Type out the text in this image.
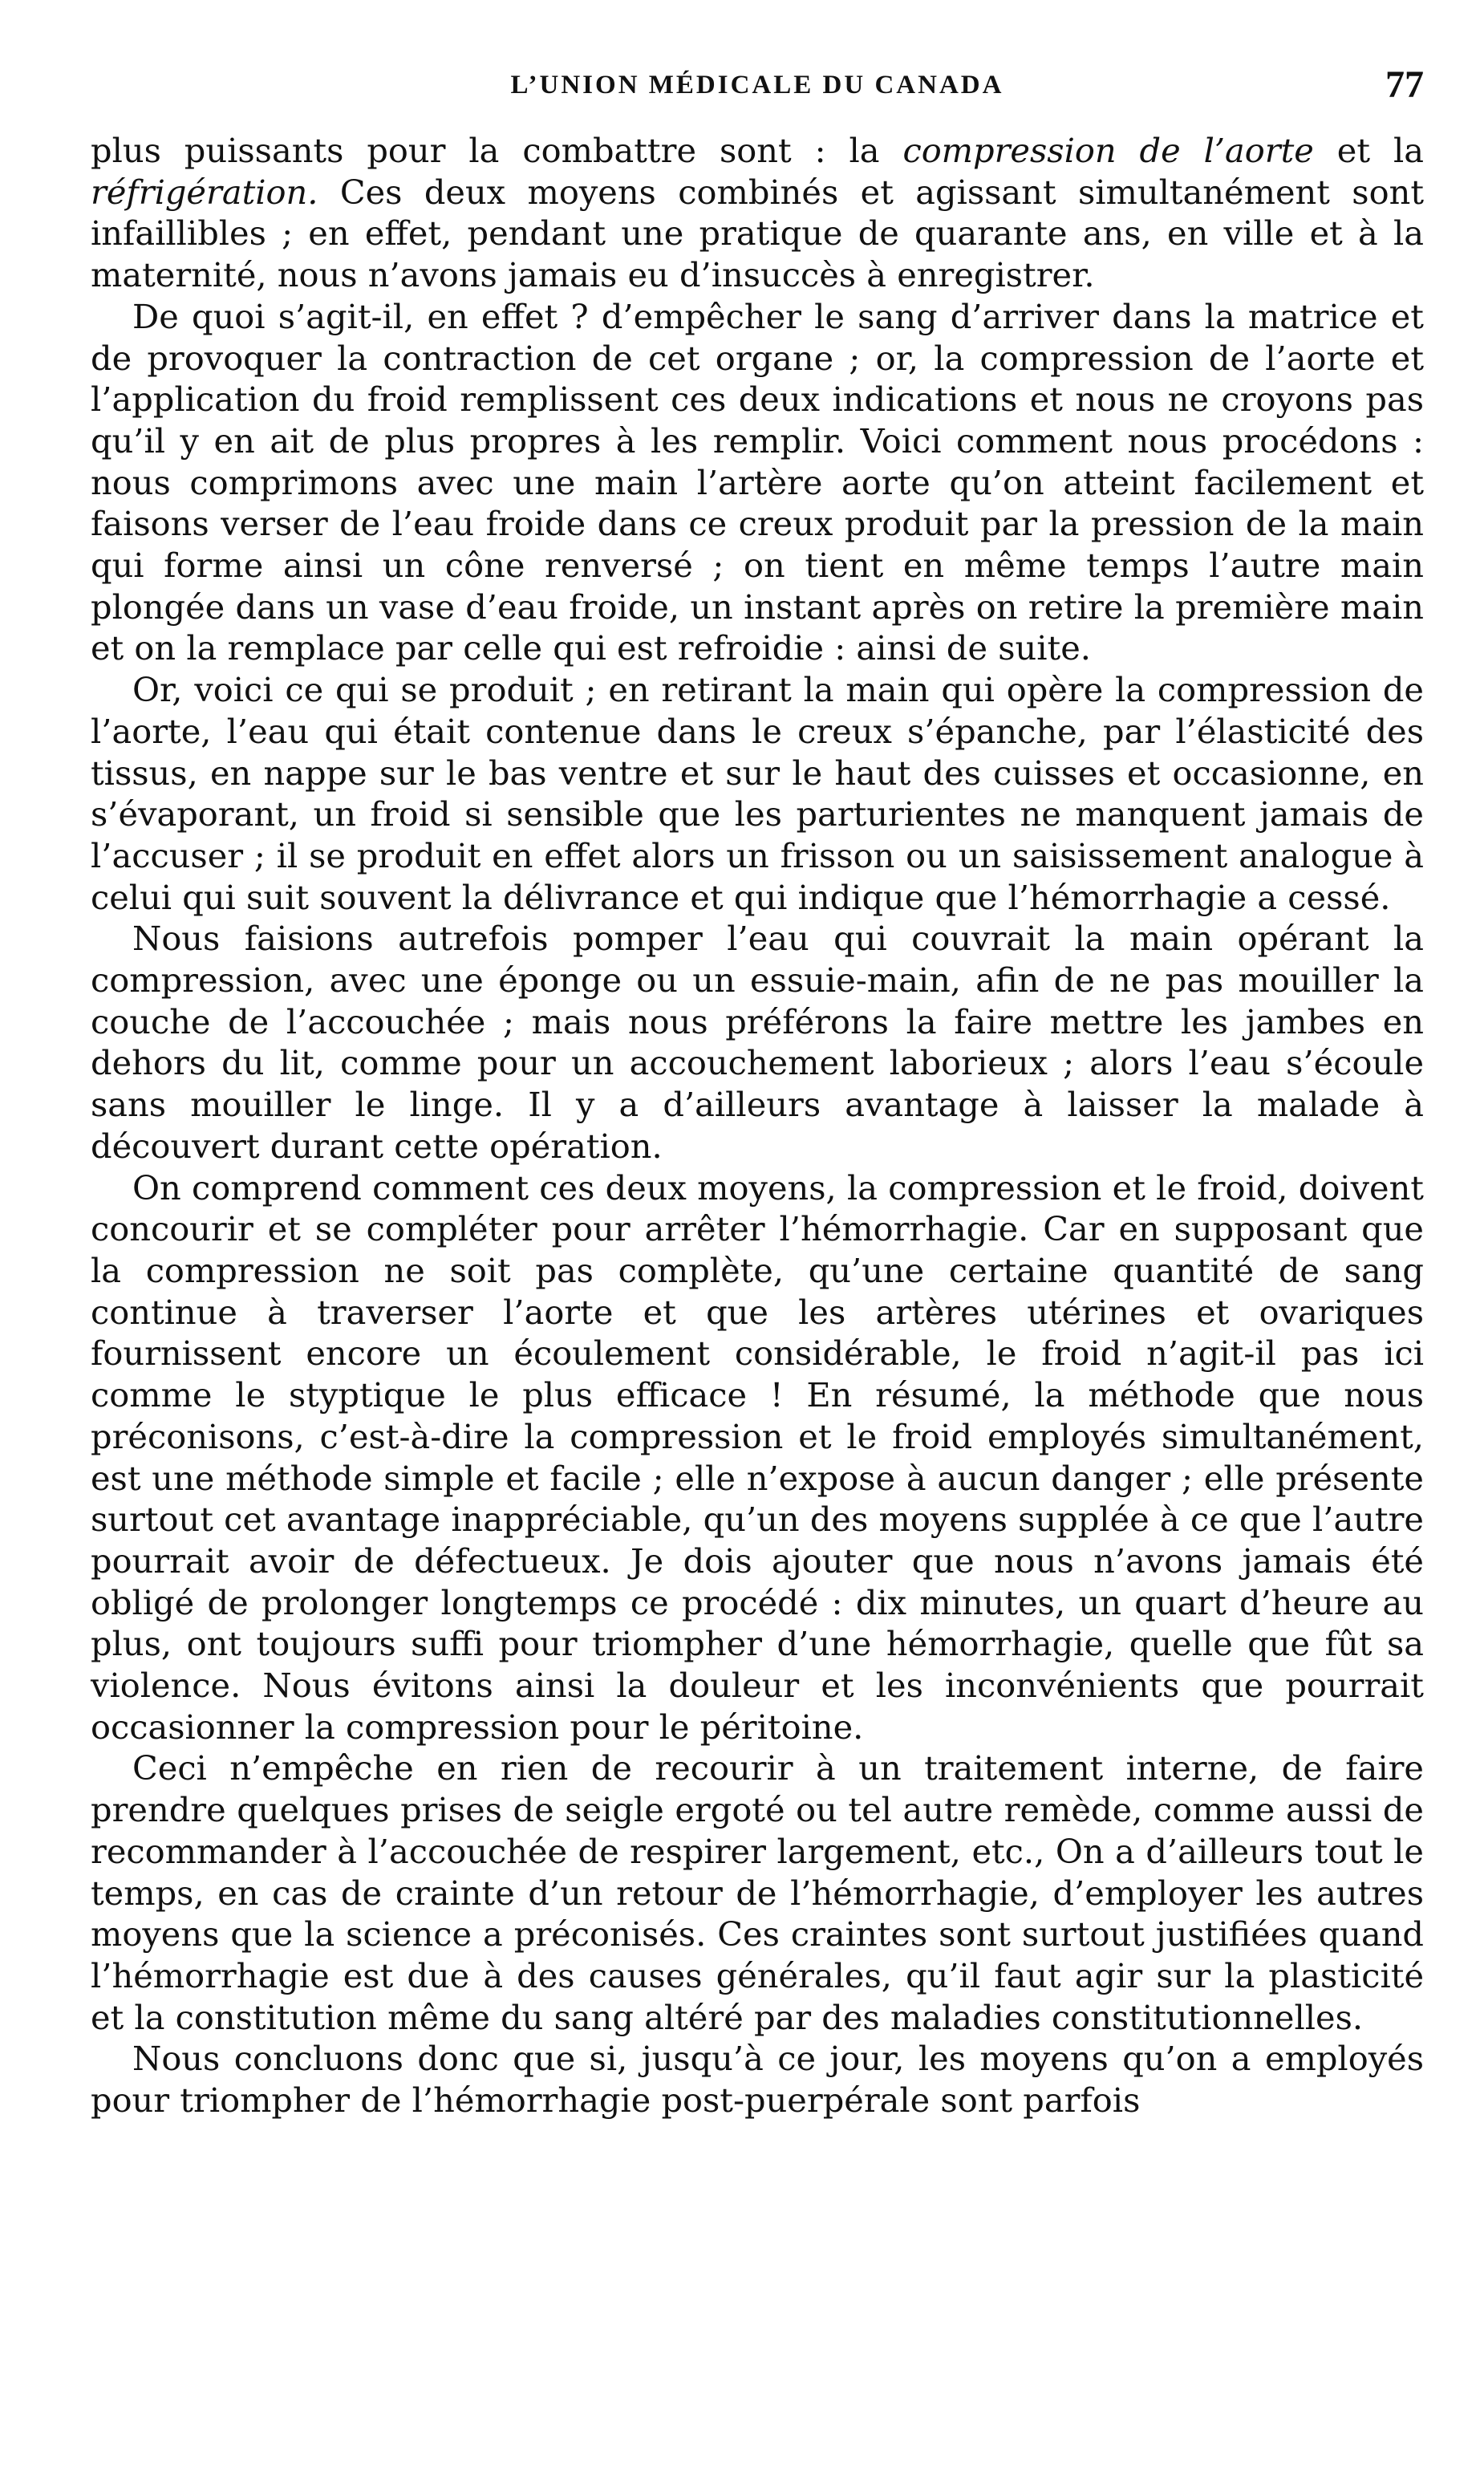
L’UNION MÉDICALE DU CANADA	77

plus puissants pour la combattre sont : la compression de l’aorte et la réfrigération. Ces deux moyens combinés et agissant simultanément sont infaillibles ; en effet, pendant une pratique de quarante ans, en ville et à la maternité, nous n’avons jamais eu d’insuccès à enregistrer.

De quoi s’agit-il, en effet ? d’empêcher le sang d’arriver dans la matrice et de provoquer la contraction de cet organe ; or, la compression de l’aorte et l’application du froid remplissent ces deux indications et nous ne croyons pas qu’il y en ait de plus propres à les remplir. Voici comment nous procédons : nous comprimons avec une main l’artère aorte qu’on atteint facilement et faisons verser de l’eau froide dans ce creux produit par la pression de la main qui forme ainsi un cône renversé ; on tient en même temps l’autre main plongée dans un vase d’eau froide, un instant après on retire la première main et on la remplace par celle qui est refroidie : ainsi de suite.

Or, voici ce qui se produit ; en retirant la main qui opère la compression de l’aorte, l’eau qui était contenue dans le creux s’épanche, par l’élasticité des tissus, en nappe sur le bas ventre et sur le haut des cuisses et occasionne, en s’évaporant, un froid si sensible que les parturientes ne manquent jamais de l’accuser ; il se produit en effet alors un frisson ou un saisissement analogue à celui qui suit souvent la délivrance et qui indique que l’hémorrhagie a cessé.

Nous faisions autrefois pomper l’eau qui couvrait la main opérant la compression, avec une éponge ou un essuie-main, afin de ne pas mouiller la couche de l’accouchée ; mais nous préférons la faire mettre les jambes en dehors du lit, comme pour un accouchement laborieux ; alors l’eau s’écoule sans mouiller le linge. Il y a d’ailleurs avantage à laisser la malade à découvert durant cette opération.

On comprend comment ces deux moyens, la compression et le froid, doivent concourir et se compléter pour arrêter l’hémorrhagie. Car en supposant que la compression ne soit pas complète, qu’une certaine quantité de sang continue à traverser l’aorte et que les artères utérines et ovariques fournissent encore un écoulement considérable, le froid n’agit-il pas ici comme le styptique le plus efficace ! En résumé, la méthode que nous préconisons, c’est-à-dire la compression et le froid employés simultanément, est une méthode simple et facile ; elle n’expose à aucun danger ; elle présente surtout cet avantage inappréciable, qu’un des moyens supplée à ce que l’autre pourrait avoir de défectueux. Je dois ajouter que nous n’avons jamais été obligé de prolonger longtemps ce procédé : dix minutes, un quart d’heure au plus, ont toujours suffi pour triompher d’une hémorrhagie, quelle que fût sa violence. Nous évitons ainsi la douleur et les inconvénients que pourrait occasionner la compression pour le péritoine.

Ceci n’empêche en rien de recourir à un traitement interne, de faire prendre quelques prises de seigle ergoté ou tel autre remède, comme aussi de recommander à l’accouchée de respirer largement, etc., On a d’ailleurs tout le temps, en cas de crainte d’un retour de l’hémorrhagie, d’employer les autres moyens que la science a préconisés. Ces craintes sont surtout justifiées quand l’hémorrhagie est due à des causes générales, qu’il faut agir sur la plasticité et la constitution même du sang altéré par des maladies constitutionnelles.

Nous concluons donc que si, jusqu’à ce jour, les moyens qu’on a employés pour triompher de l’hémorrhagie post-puerpérale sont parfois
